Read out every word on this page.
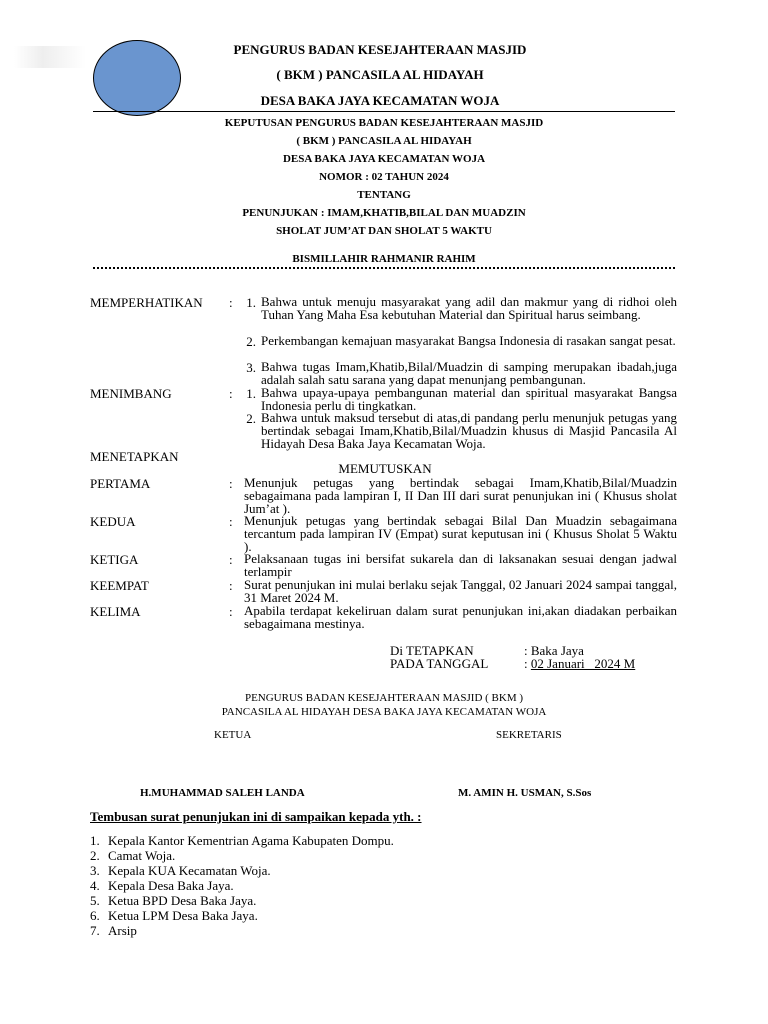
PENGURUS BADAN KESEJAHTERAAN MASJID
( BKM ) PANCASILA AL HIDAYAH
DESA BAKA JAYA KECAMATAN WOJA
KEPUTUSAN PENGURUS BADAN KESEJAHTERAAN MASJID
( BKM ) PANCASILA AL HIDAYAH
DESA BAKA JAYA KECAMATAN WOJA
NOMOR : 02 TAHUN 2024
TENTANG
PENUNJUKAN : IMAM,KHATIB,BILAL DAN MUADZIN
SHOLAT JUM’AT DAN SHOLAT 5 WAKTU
BISMILLAHIR RAHMANIR RAHIM
MEMPERHATIKAN :	1. Bahwa untuk menuju masyarakat yang adil dan makmur yang di ridhoi oleh Tuhan Yang Maha Esa kebutuhan Material dan Spiritual harus seimbang.
2. Perkembangan kemajuan masyarakat Bangsa Indonesia di rasakan sangat pesat.
3. Bahwa tugas Imam,Khatib,Bilal/Muadzin di samping merupakan ibadah,juga adalah salah satu sarana yang dapat menunjang pembangunan.
MENIMBANG	:	1. Bahwa upaya-upaya pembangunan material dan spiritual masyarakat Bangsa Indonesia perlu di tingkatkan.
2. Bahwa untuk maksud tersebut di atas,di pandang perlu menunjuk petugas yang bertindak sebagai Imam,Khatib,Bilal/Muadzin khusus di Masjid Pancasila Al Hidayah Desa Baka Jaya Kecamatan Woja.
MENETAPKAN
MEMUTUSKAN
PERTAMA	: Menunjuk petugas yang bertindak sebagai Imam,Khatib,Bilal/Muadzin sebagaimana pada lampiran I, II Dan III dari surat penunjukan ini ( Khusus sholat Jum’at ).
KEDUA	: Menunjuk petugas yang bertindak sebagai Bilal Dan Muadzin sebagaimana tercantum pada lampiran IV (Empat) surat keputusan ini ( Khusus Sholat 5 Waktu ).
KETIGA	: Pelaksanaan tugas ini bersifat sukarela dan di laksanakan sesuai dengan jadwal terlampir
KEEMPAT	: Surat penunjukan ini mulai berlaku sejak Tanggal, 02 Januari 2024 sampai tanggal, 31 Maret 2024 M.
KELIMA	: Apabila terdapat kekeliruan dalam surat penunjukan ini,akan diadakan perbaikan sebagaimana mestinya.
Di TETAPKAN	: Baka Jaya
PADA TANGGAL	: 02 Januari   2024 M
PENGURUS BADAN KESEJAHTERAAN MASJID ( BKM )
PANCASILA AL HIDAYAH DESA BAKA JAYA KECAMATAN WOJA
KETUA	SEKRETARIS
H.MUHAMMAD SALEH LANDA	M. AMIN H. USMAN, S.Sos
Tembusan surat penunjukan ini di sampaikan kepada yth. :
1. Kepala Kantor Kementrian Agama Kabupaten Dompu.
2. Camat Woja.
3. Kepala KUA Kecamatan Woja.
4. Kepala Desa Baka Jaya.
5. Ketua BPD Desa Baka Jaya.
6. Ketua LPM Desa Baka Jaya.
7. Arsip
